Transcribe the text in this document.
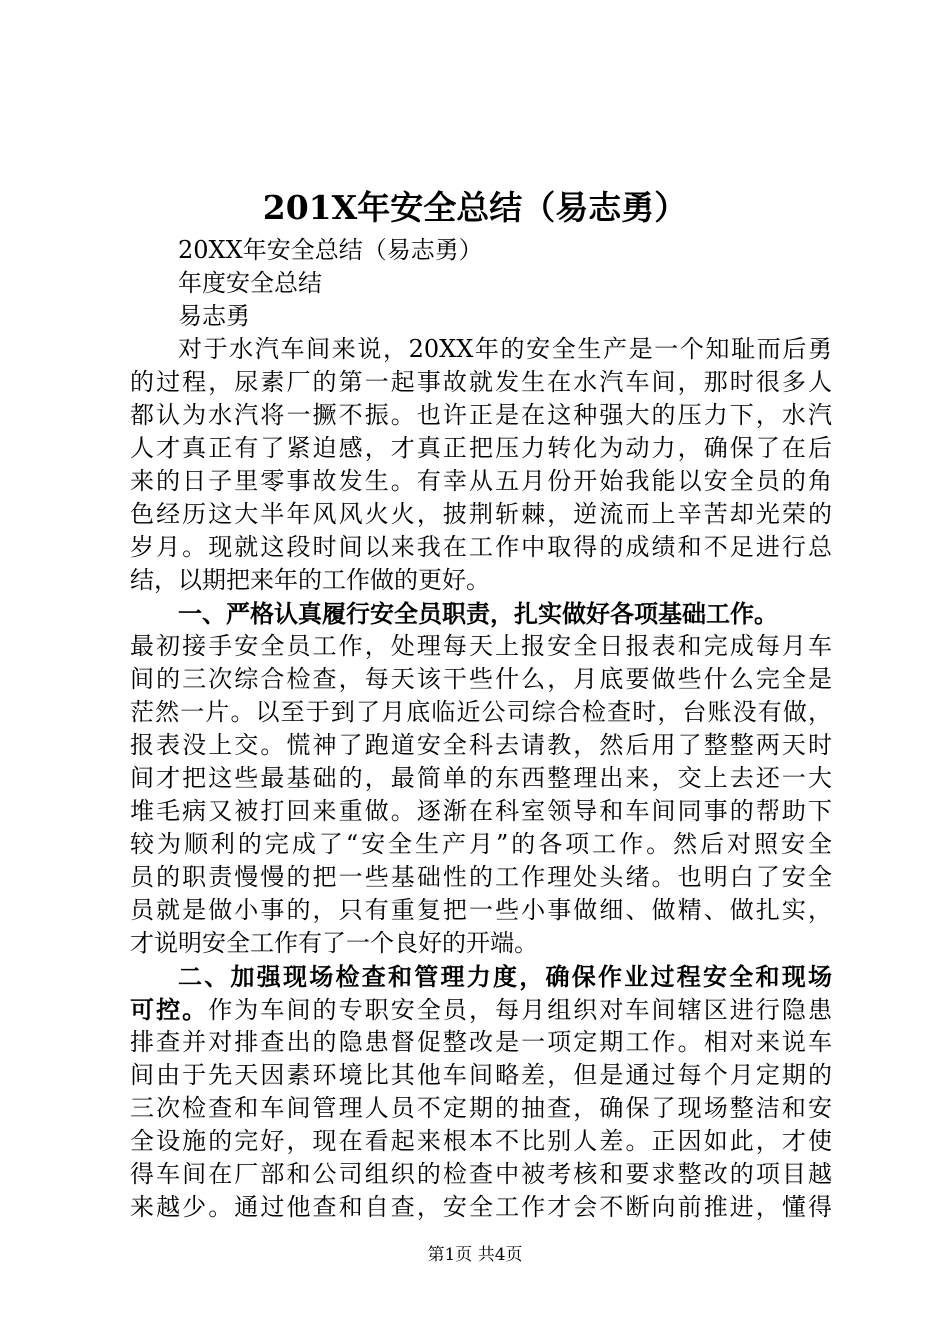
201X年安全总结（易志勇）
20XX年安全总结（易志勇）
年度安全总结
易志勇
对于水汽车间来说，20XX年的安全生产是一个知耻而后勇
的过程，尿素厂的第一起事故就发生在水汽车间，那时很多人
都认为水汽将一撅不振。也许正是在这种强大的压力下，水汽
人才真正有了紧迫感，才真正把压力转化为动力，确保了在后
来的日子里零事故发生。有幸从五月份开始我能以安全员的角
色经历这大半年风风火火，披荆斩棘，逆流而上辛苦却光荣的
岁月。现就这段时间以来我在工作中取得的成绩和不足进行总
结，以期把来年的工作做的更好。
一、严格认真履行安全员职责，扎实做好各项基础工作。
最初接手安全员工作，处理每天上报安全日报表和完成每月车
间的三次综合检查，每天该干些什么，月底要做些什么完全是
茫然一片。以至于到了月底临近公司综合检查时，台账没有做，
报表没上交。慌神了跑道安全科去请教，然后用了整整两天时
间才把这些最基础的，最简单的东西整理出来，交上去还一大
堆毛病又被打回来重做。逐渐在科室领导和车间同事的帮助下
较为顺利的完成了“安全生产月”的各项工作。然后对照安全
员的职责慢慢的把一些基础性的工作理处头绪。也明白了安全
员就是做小事的，只有重复把一些小事做细、做精、做扎实，
才说明安全工作有了一个良好的开端。
二、加强现场检查和管理力度，确保作业过程安全和现场
可控。作为车间的专职安全员，每月组织对车间辖区进行隐患
排查并对排查出的隐患督促整改是一项定期工作。相对来说车
间由于先天因素环境比其他车间略差，但是通过每个月定期的
三次检查和车间管理人员不定期的抽查，确保了现场整洁和安
全设施的完好，现在看起来根本不比别人差。正因如此，才使
得车间在厂部和公司组织的检查中被考核和要求整改的项目越
来越少。通过他查和自查，安全工作才会不断向前推进，懂得
第1页 共4页
